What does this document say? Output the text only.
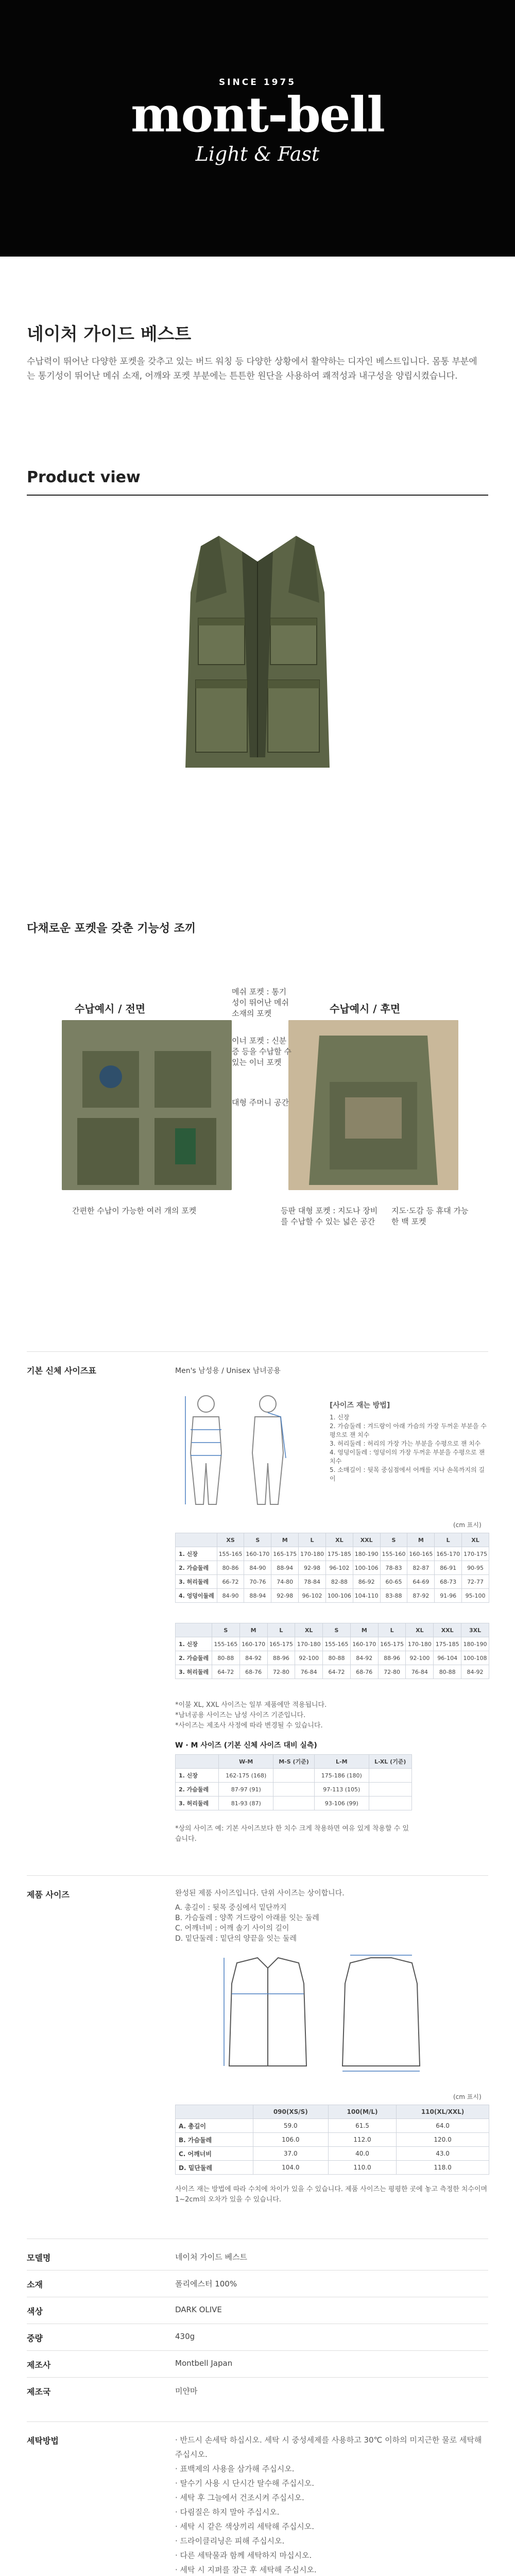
SINCE 1975
mont-bell
Light & Fast
네이처 가이드 베스트
수납력이 뛰어난 다양한 포켓을 갖추고 있는 버드 워칭 등 다양한 상황에서 활약하는 디자인 베스트입니다. 몸통 부분에는 통기성이 뛰어난 메쉬 소재, 어깨와 포켓 부분에는 튼튼한 원단을 사용하여 쾌적성과 내구성을 양립시켰습니다.
Product view
다채로운 포켓을 갖춘 기능성 조끼
수납예시 / 전면	수납예시 / 후면
메쉬 포켓 : 통기성이 뛰어난 메쉬 소재의 포켓
이너 포켓 : 신분증 등을 수납할 수 있는 이너 포켓
대형 주머니 공간
간편한 수납이 가능한 여러 개의 포켓	등판 대형 포켓 : 지도나 장비를 수납할 수 있는 넓은 공간
지도·도감 등 휴대 가능한 백 포켓
기본 신체 사이즈표	Men's 남성용 / Unisex 남녀공용
[사이즈 재는 방법]
1. 신장
2. 가슴둘레 : 겨드랑이 아래 가슴의 가장 두꺼운 부분을 수평으로 잰 치수
3. 허리둘레 : 허리의 가장 가는 부분을 수평으로 잰 치수
4. 엉덩이둘레 : 엉덩이의 가장 두꺼운 부분을 수평으로 잰 치수
5. 소매길이 : 뒷목 중심점에서 어깨를 지나 손목까지의 길이
(cm 표시)
	XS	S	M	L	XL	XXL	S	M	L	XL
1. 신장	155-165	160-170	165-175	170-180	175-185	180-190	155-160	160-165	165-170	170-175
2. 가슴둘레	80-86	84-90	88-94	92-98	96-102	100-106	78-83	82-87	86-91	90-95
3. 허리둘레	66-72	70-76	74-80	78-84	82-88	86-92	60-65	64-69	68-73	72-77
4. 엉덩이둘레	84-90	88-94	92-98	96-102	100-106	104-110	83-88	87-92	91-96	95-100
	S	M	L	XL	S	M	L	XL	XXL	3XL
1. 신장	155-165	160-170	165-175	170-180	155-165	160-170	165-175	170-180	175-185	180-190
2. 가슴둘레	80-88	84-92	88-96	92-100	80-88	84-92	88-96	92-100	96-104	100-108
3. 허리둘레	64-72	68-76	72-80	76-84	64-72	68-76	72-80	76-84	80-88	84-92
*이불 XL, XXL 사이즈는 일부 제품에만 적용됩니다.
*남녀공용 사이즈는 남성 사이즈 기준입니다.
*사이즈는 제조사 사정에 따라 변경될 수 있습니다.
W · M 사이즈 (기본 신체 사이즈 대비 실측)
	W-M	M-S (기준)	L-M	L-XL (기준)
1. 신장	162-175 (168)		175-186 (180)	
2. 가슴둘레	87-97 (91)		97-113 (105)	
3. 허리둘레	81-93 (87)		93-106 (99)	
*상의 사이즈 예: 기본 사이즈보다 한 치수 크게 착용하면 여유 있게 착용할 수 있습니다.
제품 사이즈	완성된 제품 사이즈입니다. 단위 사이즈는 상이합니다.
A. 총길이 : 뒷목 중심에서 밑단까지
B. 가슴둘레 : 양쪽 겨드랑이 아래를 잇는 둘레
C. 어깨너비 : 어깨 솔기 사이의 길이
D. 밑단둘레 : 밑단의 양끝을 잇는 둘레
(cm 표시)
	090(XS/S)	100(M/L)	110(XL/XXL)
A. 총길이	59.0	61.5	64.0
B. 가슴둘레	106.0	112.0	120.0
C. 어깨너비	37.0	40.0	43.0
D. 밑단둘레	104.0	110.0	118.0
사이즈 재는 방법에 따라 수치에 차이가 있을 수 있습니다. 제품 사이즈는 평평한 곳에 놓고 측정한 치수이며 1~2cm의 오차가 있을 수 있습니다.
모델명	네이처 가이드 베스트
소재	폴리에스터 100%
색상	DARK OLIVE
중량	430g
제조사	Montbell Japan
제조국	미얀마
세탁방법	· 반드시 손세탁 하십시오. 세탁 시 중성세제를 사용하고 30℃ 이하의 미지근한 물로 세탁해 주십시오.
· 표백제의 사용을 삼가해 주십시오.
· 탈수기 사용 시 단시간 탈수해 주십시오.
· 세탁 후 그늘에서 건조시켜 주십시오.
· 다림질은 하지 말아 주십시오.
· 세탁 시 같은 색상끼리 세탁해 주십시오.
· 드라이클리닝은 피해 주십시오.
· 다른 세탁물과 함께 세탁하지 마십시오.
· 세탁 시 지퍼를 잠근 후 세탁해 주십시오.
